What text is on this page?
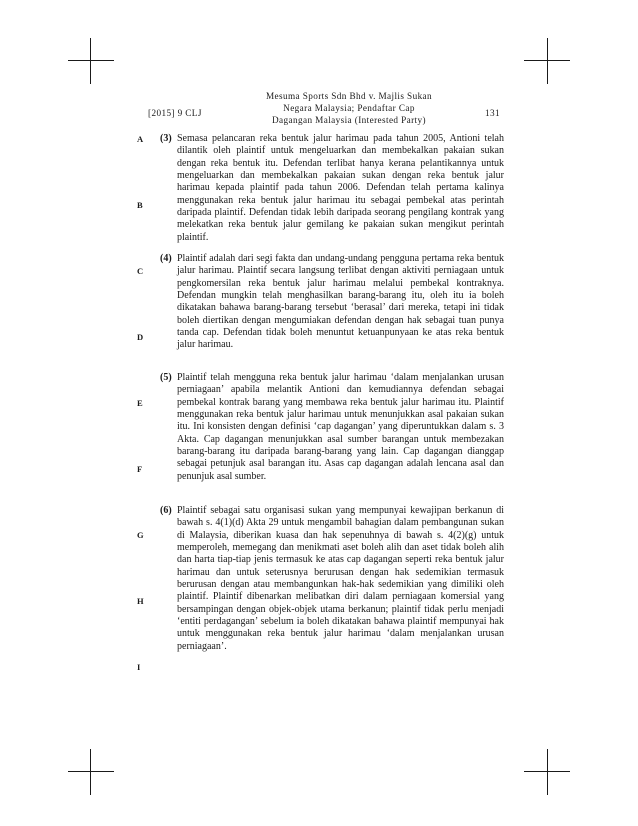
[2015] 9 CLJ
Mesuma Sports Sdn Bhd v. Majlis Sukan
Negara Malaysia; Pendaftar Cap
Dagangan Malaysia (Interested Party)
131
A
B
C
D
E
F
G
H
I
(3) Semasa pelancaran reka bentuk jalur harimau pada tahun 2005, Antioni telah dilantik oleh plaintif untuk mengeluarkan dan membekalkan pakaian sukan dengan reka bentuk itu. Defendan terlibat hanya kerana pelantikannya untuk mengeluarkan dan membekalkan pakaian sukan dengan reka bentuk jalur harimau kepada plaintif pada tahun 2006. Defendan telah pertama kalinya menggunakan reka bentuk jalur harimau itu sebagai pembekal atas perintah daripada plaintif. Defendan tidak lebih daripada seorang pengilang kontrak yang melekatkan reka bentuk jalur gemilang ke pakaian sukan mengikut perintah plaintif.
(4) Plaintif adalah dari segi fakta dan undang-undang pengguna pertama reka bentuk jalur harimau. Plaintif secara langsung terlibat dengan aktiviti perniagaan untuk pengkomersilan reka bentuk jalur harimau melalui pembekal kontraknya. Defendan mungkin telah menghasilkan barang-barang itu, oleh itu ia boleh dikatakan bahawa barang-barang tersebut ‘berasal’ dari mereka, tetapi ini tidak boleh diertikan dengan mengumiakan defendan dengan hak sebagai tuan punya tanda cap. Defendan tidak boleh menuntut ketuanpunyaan ke atas reka bentuk jalur harimau.
(5) Plaintif telah mengguna reka bentuk jalur harimau ‘dalam menjalankan urusan perniagaan’ apabila melantik Antioni dan kemudiannya defendan sebagai pembekal kontrak barang yang membawa reka bentuk jalur harimau itu. Plaintif menggunakan reka bentuk jalur harimau untuk menunjukkan asal pakaian sukan itu. Ini konsisten dengan definisi ‘cap dagangan’ yang diperuntukkan dalam s. 3 Akta. Cap dagangan menunjukkan asal sumber barangan untuk membezakan barang-barang itu daripada barang-barang yang lain. Cap dagangan dianggap sebagai petunjuk asal barangan itu. Asas cap dagangan adalah lencana asal dan penunjuk asal sumber.
(6) Plaintif sebagai satu organisasi sukan yang mempunyai kewajipan berkanun di bawah s. 4(1)(d) Akta 29 untuk mengambil bahagian dalam pembangunan sukan di Malaysia, diberikan kuasa dan hak sepenuhnya di bawah s. 4(2)(g) untuk memperoleh, memegang dan menikmati aset boleh alih dan aset tidak boleh alih dan harta tiap-tiap jenis termasuk ke atas cap dagangan seperti reka bentuk jalur harimau dan untuk seterusnya berurusan dengan hak sedemikian termasuk berurusan dengan atau membangunkan hak-hak sedemikian yang dimiliki oleh plaintif. Plaintif dibenarkan melibatkan diri dalam perniagaan komersial yang bersampingan dengan objek-objek utama berkanun; plaintif tidak perlu menjadi ‘entiti perdagangan’ sebelum ia boleh dikatakan bahawa plaintif mempunyai hak untuk menggunakan reka bentuk jalur harimau ‘dalam menjalankan urusan perniagaan’.
